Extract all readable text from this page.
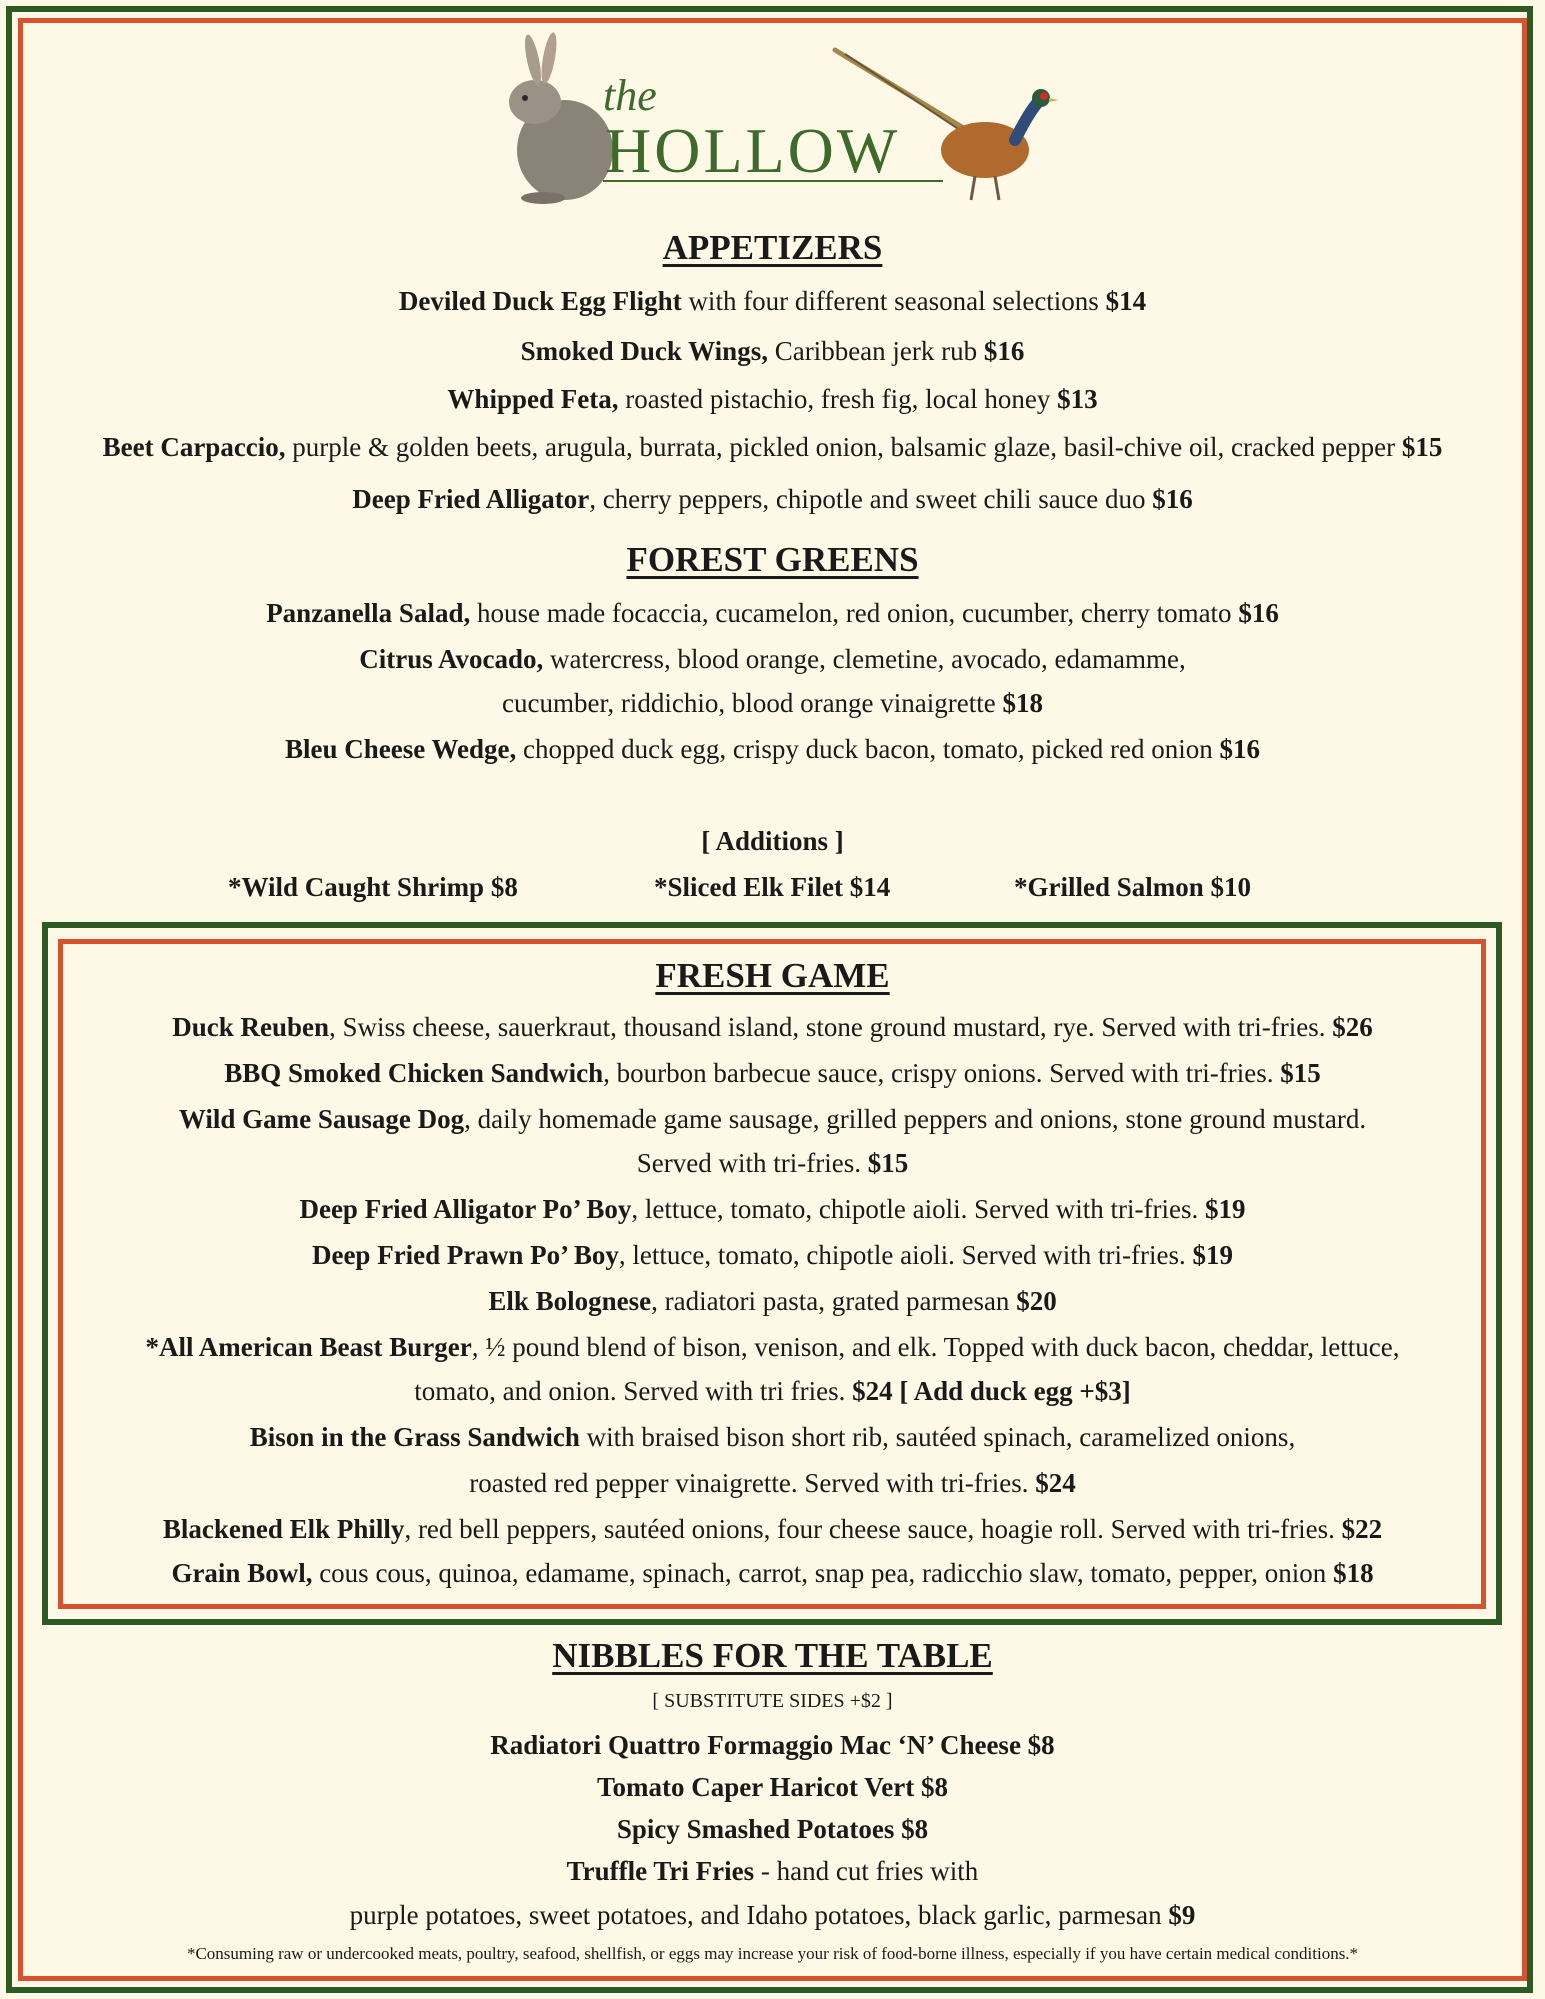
the
HOLLOW
APPETIZERS
Deviled Duck Egg Flight with four different seasonal selections $14
Smoked Duck Wings, Caribbean jerk rub $16
Whipped Feta, roasted pistachio, fresh fig, local honey $13
Beet Carpaccio, purple & golden beets, arugula, burrata, pickled onion, balsamic glaze, basil-chive oil, cracked pepper $15
Deep Fried Alligator, cherry peppers, chipotle and sweet chili sauce duo $16
FOREST GREENS
Panzanella Salad, house made focaccia, cucamelon, red onion, cucumber, cherry tomato $16
Citrus Avocado, watercress, blood orange, clemetine, avocado, edamamme,
cucumber, riddichio, blood orange vinaigrette $18
Bleu Cheese Wedge, chopped duck egg, crispy duck bacon, tomato, picked red onion $16
[ Additions ]
*Wild Caught Shrimp $8	*Sliced Elk Filet $14	*Grilled Salmon $10
FRESH GAME
Duck Reuben, Swiss cheese, sauerkraut, thousand island, stone ground mustard, rye. Served with tri-fries. $26
BBQ Smoked Chicken Sandwich, bourbon barbecue sauce, crispy onions. Served with tri-fries. $15
Wild Game Sausage Dog, daily homemade game sausage, grilled peppers and onions, stone ground mustard.
Served with tri-fries. $15
Deep Fried Alligator Po’ Boy, lettuce, tomato, chipotle aioli. Served with tri-fries. $19
Deep Fried Prawn Po’ Boy, lettuce, tomato, chipotle aioli. Served with tri-fries. $19
Elk Bolognese, radiatori pasta, grated parmesan $20
*All American Beast Burger, ½ pound blend of bison, venison, and elk. Topped with duck bacon, cheddar, lettuce,
tomato, and onion. Served with tri fries. $24 [ Add duck egg +$3]
Bison in the Grass Sandwich with braised bison short rib, sautéed spinach, caramelized onions,
roasted red pepper vinaigrette. Served with tri-fries. $24
Blackened Elk Philly, red bell peppers, sautéed onions, four cheese sauce, hoagie roll. Served with tri-fries. $22
Grain Bowl, cous cous, quinoa, edamame, spinach, carrot, snap pea, radicchio slaw, tomato, pepper, onion $18
NIBBLES FOR THE TABLE
[ SUBSTITUTE SIDES +$2 ]
Radiatori Quattro Formaggio Mac ‘N’ Cheese $8
Tomato Caper Haricot Vert $8
Spicy Smashed Potatoes $8
Truffle Tri Fries - hand cut fries with
purple potatoes, sweet potatoes, and Idaho potatoes, black garlic, parmesan $9
*Consuming raw or undercooked meats, poultry, seafood, shellfish, or eggs may increase your risk of food-borne illness, especially if you have certain medical conditions.*
